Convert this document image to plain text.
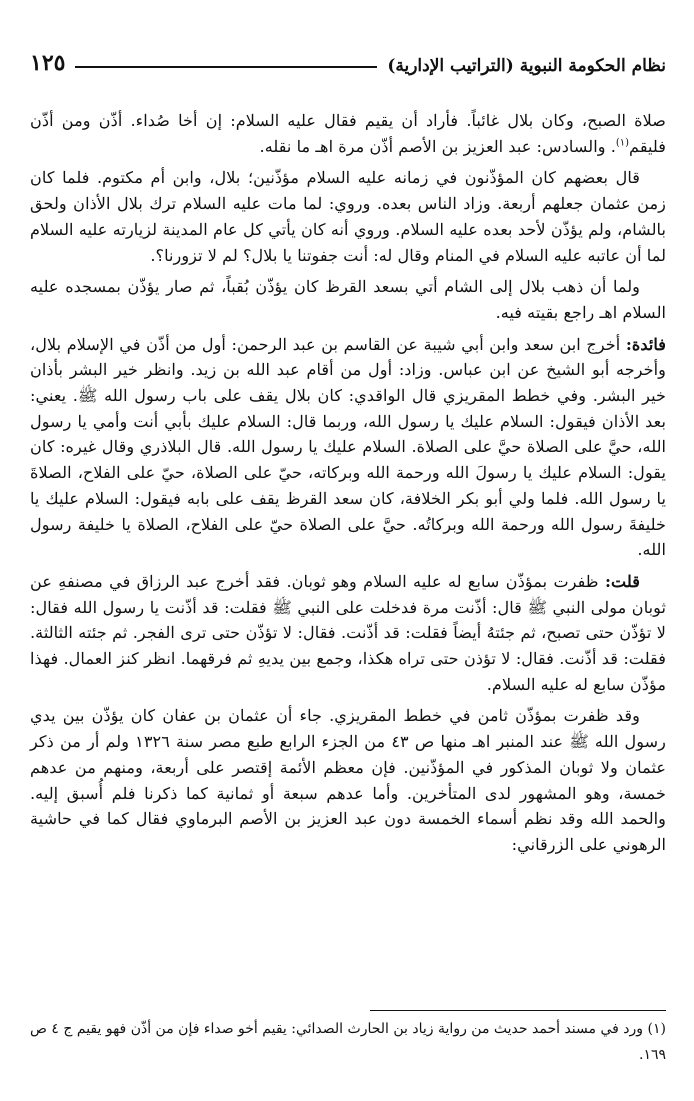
نظام الحكومة النبوية (التراتيب الإدارية)
١٢٥

صلاة الصبح، وكان بلال غائباً. فأراد أن يقيم فقال عليه السلام: إن أخا صُداء. أذّن ومن أذّن فليقم$^{(١)}$. والسادس: عبد العزيز بن الأصم أذّن مرة اهـ ما نقله.

قال بعضهم كان المؤذّنون في زمانه عليه السلام مؤذّنين؛ بلال، وابن أم مكتوم. فلما كان زمن عثمان جعلهم أربعة. وزاد الناس بعده. وروي: لما مات عليه السلام ترك بلال الأذان ولحق بالشام، ولم يؤذّن لأحد بعده عليه السلام. وروي أنه كان يأتي كل عام المدينة لزيارته عليه السلام لما أن عاتبه عليه السلام في المنام وقال له: أنت جفوتنا يا بلال؟ لم لا تزورنا؟.

ولما أن ذهب بلال إلى الشام أتي بسعد القرظ كان يؤذّن بُقباً، ثم صار يؤذّن بمسجده عليه السلام اهـ راجع بقيته فيه.

فائدة: أخرج ابن سعد وابن أبي شيبة عن القاسم بن عبد الرحمن: أول من أذّن في الإسلام بلال، وأخرجه أبو الشيخ عن ابن عباس. وزاد: أول من أقام عبد الله بن زيد. وانظر خير البشر بأذان خير البشر. وفي خطط المقريزي قال الواقدي: كان بلال يقف على باب رسول الله ﷺ. يعني: بعد الأذان فيقول: السلام عليك يا رسول الله، وربما قال: السلام عليك بأبي أنت وأمي يا رسول الله، حيَّ على الصلاة حيَّ على الصلاة. السلام عليك يا رسول الله. قال البلاذري وقال غيره: كان يقول: السلام عليك يا رسولَ الله ورحمة الله وبركاته، حيّ على الصلاة، حيّ على الفلاح، الصلاةَ يا رسول الله. فلما ولي أبو بكر الخلافة، كان سعد القرظ يقف على بابه فيقول: السلام عليك يا خليفةَ رسول الله ورحمة الله وبركاتُه. حيَّ على الصلاة حيّ على الفلاح، الصلاة يا خليفة رسول الله.

قلت: ظفرت بمؤذّن سابع له عليه السلام وهو ثوبان. فقد أخرج عبد الرزاق في مصنفهِ عن ثوبان مولى النبي ﷺ قال: أذّنت مرة فدخلت على النبي ﷺ فقلت: قد أذّنت يا رسول الله فقال: لا تؤذّن حتى تصبح، ثم جئتهُ أيضاً فقلت: قد أذّنت. فقال: لا تؤذّن حتى ترى الفجر. ثم جئته الثالثة. فقلت: قد أذّنت. فقال: لا تؤذن حتى تراه هكذا، وجمع بين يديهِ ثم فرقهما. انظر كنز العمال. فهذا مؤذّن سابع له عليه السلام.

وقد ظفرت بمؤذّن ثامن في خطط المقريزي. جاء أن عثمان بن عفان كان يؤذّن بين يدي رسول الله ﷺ عند المنبر اهـ منها ص ٤٣ من الجزء الرابع طبع مصر سنة ١٣٢٦ ولم أر من ذكر عثمان ولا ثوبان المذكور في المؤذّنين. فإن معظم الأئمة إقتصر على أربعة، ومنهم من عدهم خمسة، وهو المشهور لدى المتأخرين. وأما عدهم سبعة أو ثمانية كما ذكرنا فلم أُسبق إليه. والحمد الله وقد نظم أسماء الخمسة دون عبد العزيز بن الأصم البرماوي فقال كما في حاشية الرهوني على الزرقاني:

(١) ورد في مسند أحمد حديث من رواية زياد بن الحارث الصدائي: يقيم أخو صداء فإن من أذّن فهو يقيم ج ٤ ص ١٦٩.
